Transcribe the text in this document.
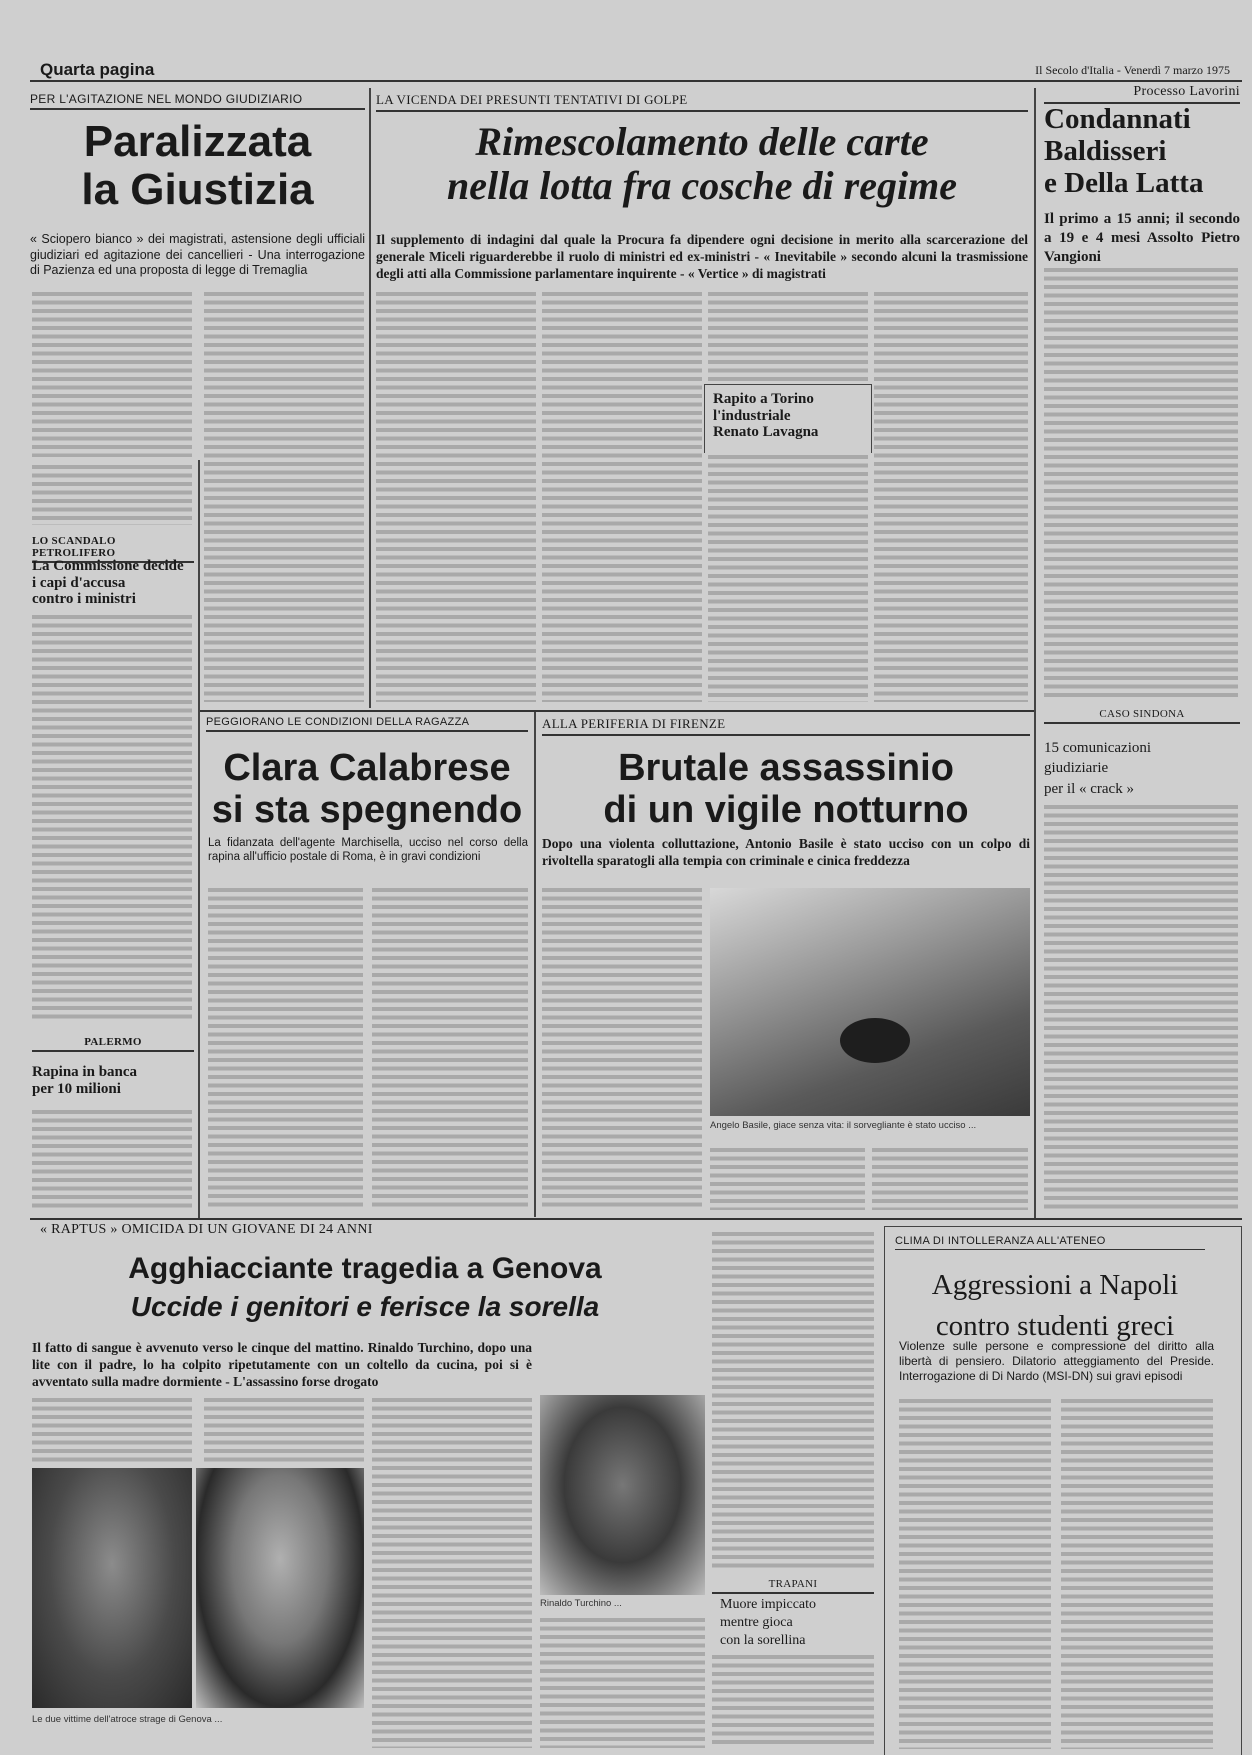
Quarta pagina	Il Secolo d'Italia - Venerdì 7 marzo 1975
PER L'AGITAZIONE NEL MONDO GIUDIZIARIO
Paralizzata
la Giustizia
« Sciopero bianco » dei magistrati, astensione degli ufficiali giudiziari ed agitazione dei cancellieri - Una interrogazione di Pazienza ed una proposta di legge di Tremaglia
LA VICENDA DEI PRESUNTI TENTATIVI DI GOLPE
Rimescolamento delle carte
nella lotta fra cosche di regime
Il supplemento di indagini dal quale la Procura fa dipendere ogni decisione in merito alla scarcerazione del generale Miceli riguarderebbe il ruolo di ministri ed ex-ministri - « Inevitabile » secondo alcuni la trasmissione degli atti alla Commissione parlamentare inquirente - « Vertice » di magistrati
Rapito a Torino
l'industriale
Renato Lavagna
Processo Lavorini
Condannati
Baldisseri
e Della Latta
Il primo a 15 anni; il secondo a 19 e 4 mesi Assolto Pietro Vangioni
LO SCANDALO PETROLIFERO
La Commissione decide
i capi d'accusa
contro i ministri
PALERMO
Rapina in banca
per 10 milioni
CASO SINDONA
15 comunicazioni
giudiziarie
per il « crack »
PEGGIORANO LE CONDIZIONI DELLA RAGAZZA
Clara Calabrese
si sta spegnendo
La fidanzata dell'agente Marchisella, ucciso nel corso della rapina all'ufficio postale di Roma, è in gravi condizioni
ALLA PERIFERIA DI FIRENZE
Brutale assassinio
di un vigile notturno
Dopo una violenta colluttazione, Antonio Basile è stato ucciso con un colpo di rivoltella sparatogli alla tempia con criminale e cinica freddezza
Angelo Basile, giace senza vita: il sorvegliante è stato ucciso ...
« RAPTUS » OMICIDA DI UN GIOVANE DI 24 ANNI
Agghiacciante tragedia a Genova
Uccide i genitori e ferisce la sorella
Il fatto di sangue è avvenuto verso le cinque del mattino. Rinaldo Turchino, dopo una lite con il padre, lo ha colpito ripetutamente con un coltello da cucina, poi si è avventato sulla madre dormiente - L'assassino forse drogato
Le due vittime dell'atroce strage di Genova ...
Rinaldo Turchino ...
TRAPANI
Muore impiccato
mentre gioca
con la sorellina
CLIMA DI INTOLLERANZA ALL'ATENEO
Aggressioni a Napoli
contro studenti greci
Violenze sulle persone e compressione del diritto alla libertà di pensiero. Dilatorio atteggiamento del Preside. Interrogazione di Di Nardo (MSI-DN) sui gravi episodi
